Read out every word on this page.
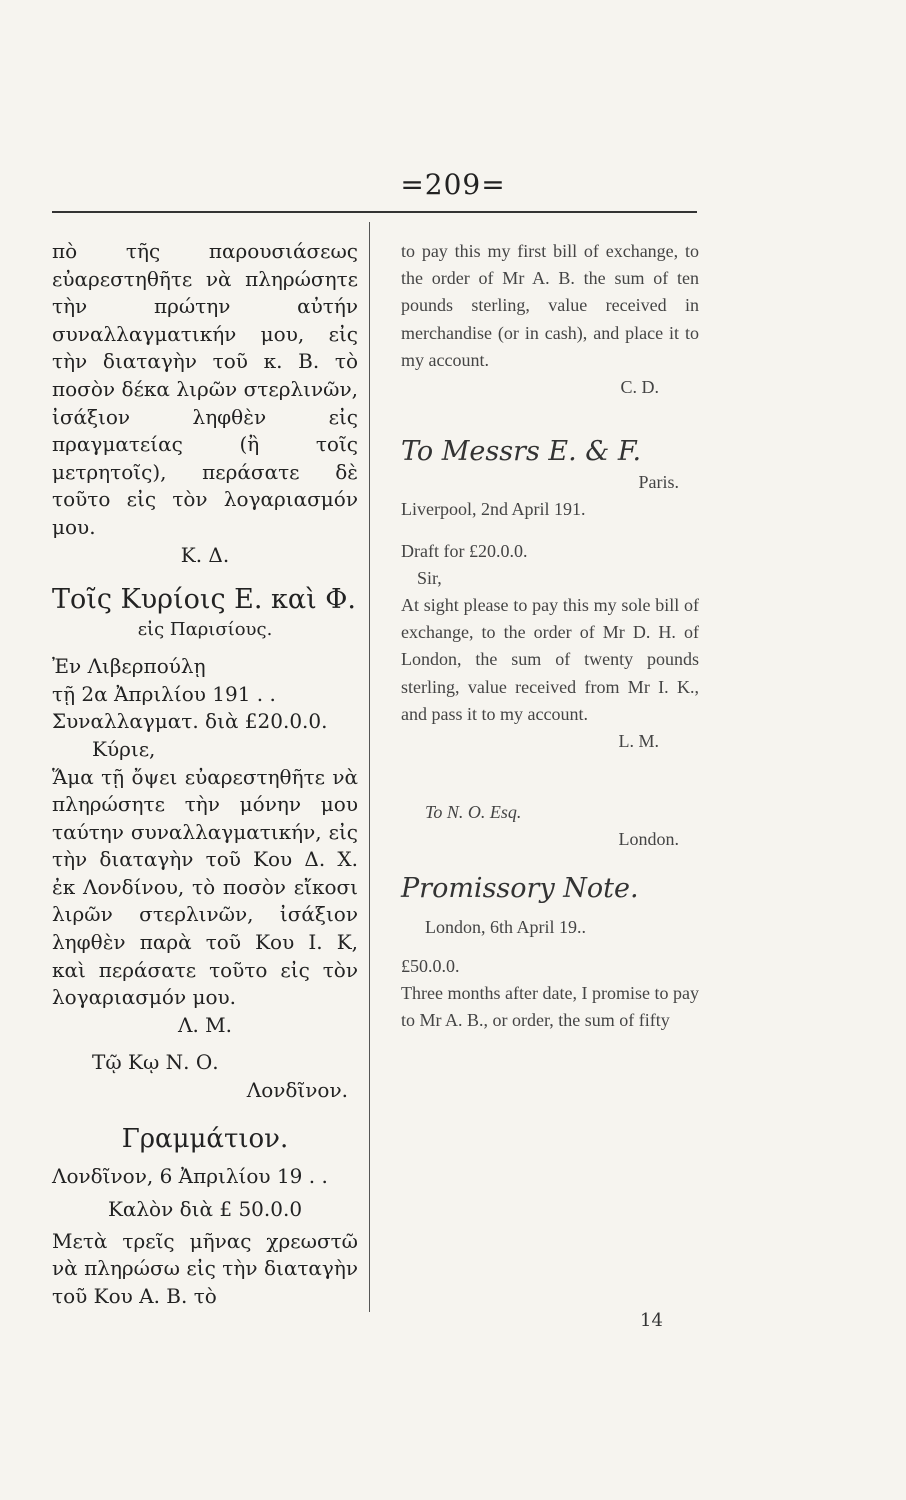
=209=

πὸ τῆς παρουσιάσεως εὐαρεστηθῆτε νὰ πληρώσητε τὴν πρώτην αὐτήν συναλλαγματικήν μου, εἰς τὴν διαταγὴν τοῦ κ. Β. τὸ ποσὸν δέκα λιρῶν στερλινῶν, ἰσάξιον ληφθὲν εἰς πραγματείας (ἢ τοῖς μετρητοῖς), περάσατε δὲ τοῦτο εἰς τὸν λογαριασμόν μου.

Κ. Δ.

Τοῖς Κυρίοις Ε. καὶ Φ.

εἰς Παρισίους.

Ἐν Λιβερπούλῃ

τῇ 2α Ἀπριλίου 191 . .

Συναλλαγματ. διὰ £20.0.0.

Κύριε,

Ἅμα τῇ ὄψει εὐαρεστηθῆτε νὰ πληρώσητε τὴν μόνην μου ταύτην συναλλαγματικήν, εἰς τὴν διαταγὴν τοῦ Κου Δ. Χ. ἐκ Λονδίνου, τὸ ποσὸν εἴκοσι λιρῶν στερλινῶν, ἰσάξιον ληφθὲν παρὰ τοῦ Κου Ι. Κ, καὶ περάσατε τοῦτο εἰς τὸν λογαριασμόν μου.

Λ. Μ.

Τῷ Κῳ Ν. Ο.

Λονδῖνον.

Γραμμάτιον.

Λονδῖνον, 6 Ἀπριλίου 19 . .

Καλὸν διὰ £ 50.0.0

Μετὰ τρεῖς μῆνας χρεωστῶ νὰ πληρώσω εἰς τὴν διαταγὴν τοῦ Κου Α. Β. τὸ

to pay this my first bill of exchange, to the order of Mr A. B. the sum of ten pounds sterling, value received in merchandise (or in cash), and place it to my account.

C. D.

To Messrs E. & F.

Paris.

Liverpool, 2nd April 191.

Draft for £20.0.0.

Sir,

At sight please to pay this my sole bill of exchange, to the order of Mr D. H. of London, the sum of twenty pounds sterling, value received from Mr I. K., and pass it to my account.

L. M.

To N. O. Esq.

London.

Promissory Note.

London, 6th April 19..

£50.0.0.

Three months after date, I promise to pay to Mr A. B., or order, the sum of fifty

14
